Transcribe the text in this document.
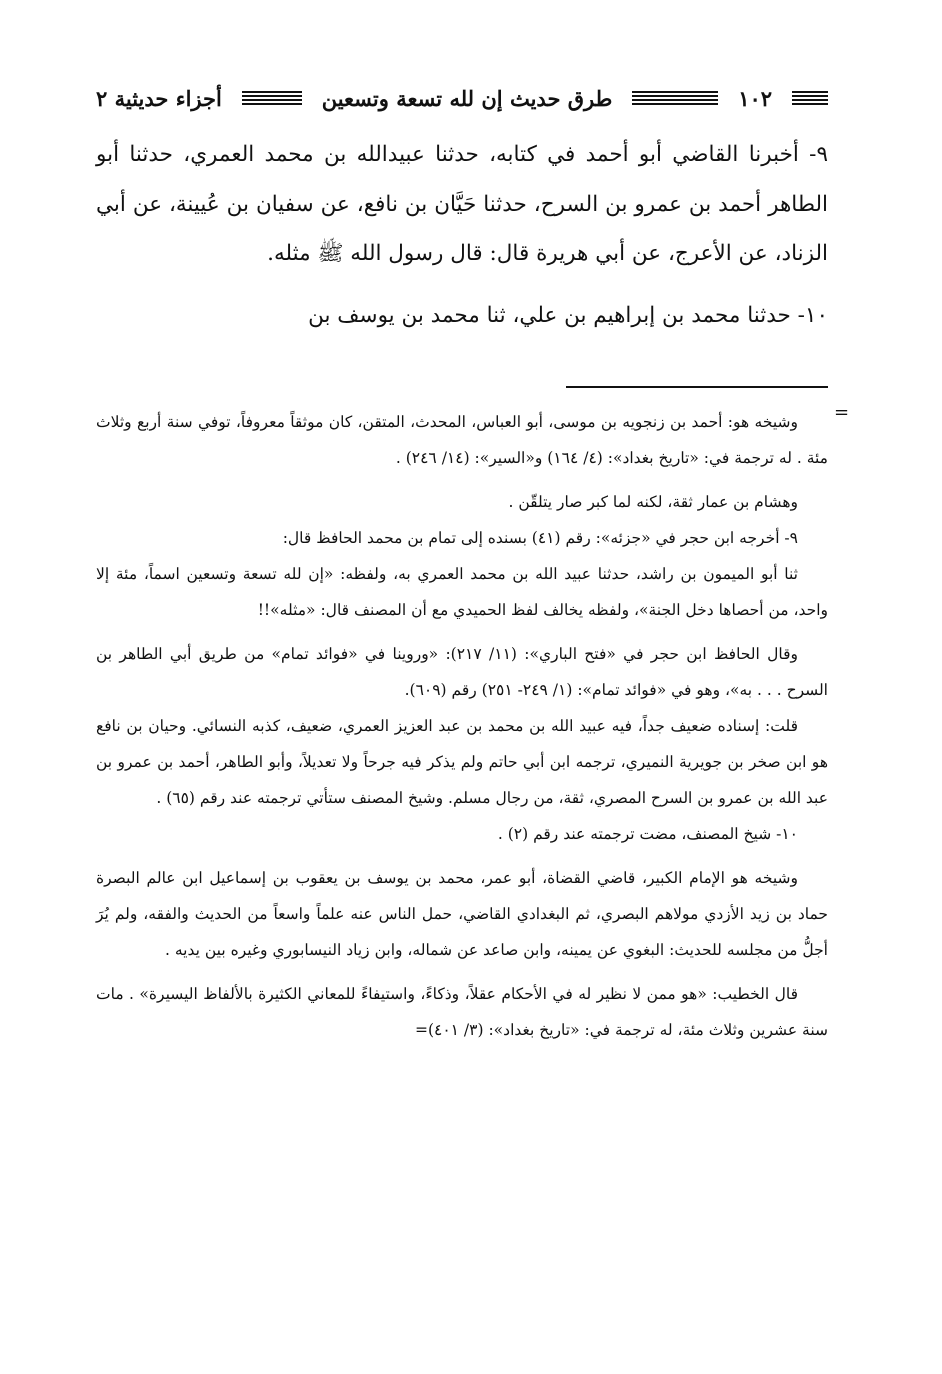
١٠٢
طرق حديث إن لله تسعة وتسعين
أجزاء حديثية ٢

٩- أخبرنا القاضي أبو أحمد في كتابه، حدثنا عبيدالله بن محمد العمري، حدثنا أبو الطاهر أحمد بن عمرو بن السرح، حدثنا حَيَّان بن نافع، عن سفيان بن عُيينة، عن أبي الزناد، عن الأعرج، عن أبي هريرة قال: قال رسول الله ﷺ مثله.

١٠- حدثنا محمد بن إبراهيم بن علي، ثنا محمد بن يوسف بن

=

وشيخه هو: أحمد بن زنجويه بن موسى، أبو العباس، المحدث، المتقن، كان موثقاً معروفاً، توفي سنة أربع وثلاث مئة . له ترجمة في: «تاريخ بغداد»: (٤/ ١٦٤) و«السير»: (١٤/ ٢٤٦) .

وهشام بن عمار ثقة، لكنه لما كبر صار يتلقّن .

٩- أخرجه ابن حجر في «جزئه»: رقم (٤١) بسنده إلى تمام بن محمد الحافظ قال:

ثنا أبو الميمون بن راشد، حدثنا عبيد الله بن محمد العمري به، ولفظه: «إن لله تسعة وتسعين اسماً، مئة إلا واحد، من أحصاها دخل الجنة»، ولفظه يخالف لفظ الحميدي مع أن المصنف قال: «مثله»!!

وقال الحافظ ابن حجر في «فتح الباري»: (١١/ ٢١٧): «وروينا في «فوائد تمام» من طريق أبي الطاهر بن السرح . . . به»، وهو في «فوائد تمام»: (١/ ٢٤٩- ٢٥١) رقم (٦٠٩).

قلت: إسناده ضعيف جداً، فيه عبيد الله بن محمد بن عبد العزيز العمري، ضعيف، كذبه النسائي. وحيان بن نافع هو ابن صخر بن جويرية النميري، ترجمه ابن أبي حاتم ولم يذكر فيه جرحاً ولا تعديلاً، وأبو الطاهر، أحمد بن عمرو بن عبد الله بن عمرو بن السرح المصري، ثقة، من رجال مسلم. وشيخ المصنف ستأتي ترجمته عند رقم (٦٥) .

١٠- شيخ المصنف، مضت ترجمته عند رقم (٢) .

وشيخه هو الإمام الكبير، قاضي القضاة، أبو عمر، محمد بن يوسف بن يعقوب بن إسماعيل ابن عالم البصرة حماد بن زيد الأزدي مولاهم البصري، ثم البغدادي القاضي، حمل الناس عنه علماً واسعاً من الحديث والفقه، ولم يُرَ أجلُّ من مجلسه للحديث: البغوي عن يمينه، وابن صاعد عن شماله، وابن زياد النيسابوري وغيره بين يديه .

قال الخطيب: «هو ممن لا نظير له في الأحكام عقلاً، وذكاءً، واستيفاءً للمعاني الكثيرة بالألفاظ اليسيرة» . مات سنة عشرين وثلاث مئة، له ترجمة في: «تاريخ بغداد»: (٣/ ٤٠١)=
